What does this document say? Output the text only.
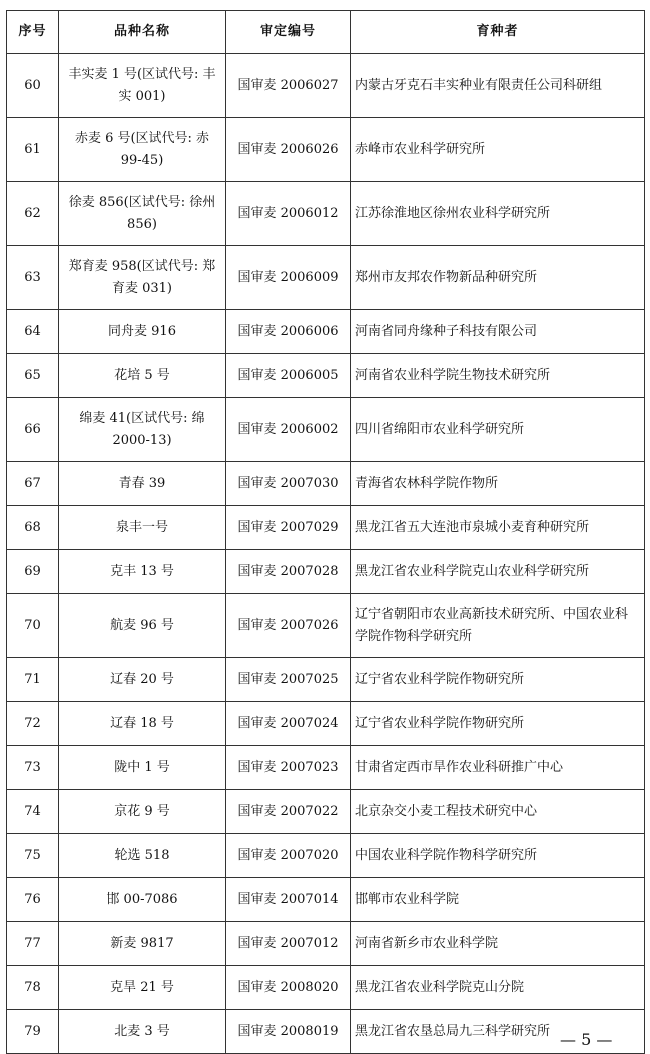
序号	品种名称	审定编号	育种者
60	丰实麦 1 号(区试代号: 丰实 001)	国审麦 2006027	内蒙古牙克石丰实种业有限责任公司科研组
61	赤麦 6 号(区试代号: 赤 99-45)	国审麦 2006026	赤峰市农业科学研究所
62	徐麦 856(区试代号: 徐州 856)	国审麦 2006012	江苏徐淮地区徐州农业科学研究所
63	郑育麦 958(区试代号: 郑育麦 031)	国审麦 2006009	郑州市友邦农作物新品种研究所
64	同舟麦 916	国审麦 2006006	河南省同舟缘种子科技有限公司
65	花培 5 号	国审麦 2006005	河南省农业科学院生物技术研究所
66	绵麦 41(区试代号: 绵 2000-13)	国审麦 2006002	四川省绵阳市农业科学研究所
67	青春 39	国审麦 2007030	青海省农林科学院作物所
68	泉丰一号	国审麦 2007029	黑龙江省五大连池市泉城小麦育种研究所
69	克丰 13 号	国审麦 2007028	黑龙江省农业科学院克山农业科学研究所
70	航麦 96 号	国审麦 2007026	辽宁省朝阳市农业高新技术研究所、中国农业科学院作物科学研究所
71	辽春 20 号	国审麦 2007025	辽宁省农业科学院作物研究所
72	辽春 18 号	国审麦 2007024	辽宁省农业科学院作物研究所
73	陇中 1 号	国审麦 2007023	甘肃省定西市旱作农业科研推广中心
74	京花 9 号	国审麦 2007022	北京杂交小麦工程技术研究中心
75	轮选 518	国审麦 2007020	中国农业科学院作物科学研究所
76	邯 00-7086	国审麦 2007014	邯郸市农业科学院
77	新麦 9817	国审麦 2007012	河南省新乡市农业科学院
78	克旱 21 号	国审麦 2008020	黑龙江省农业科学院克山分院
79	北麦 3 号	国审麦 2008019	黑龙江省农垦总局九三科学研究所 — 5 —
